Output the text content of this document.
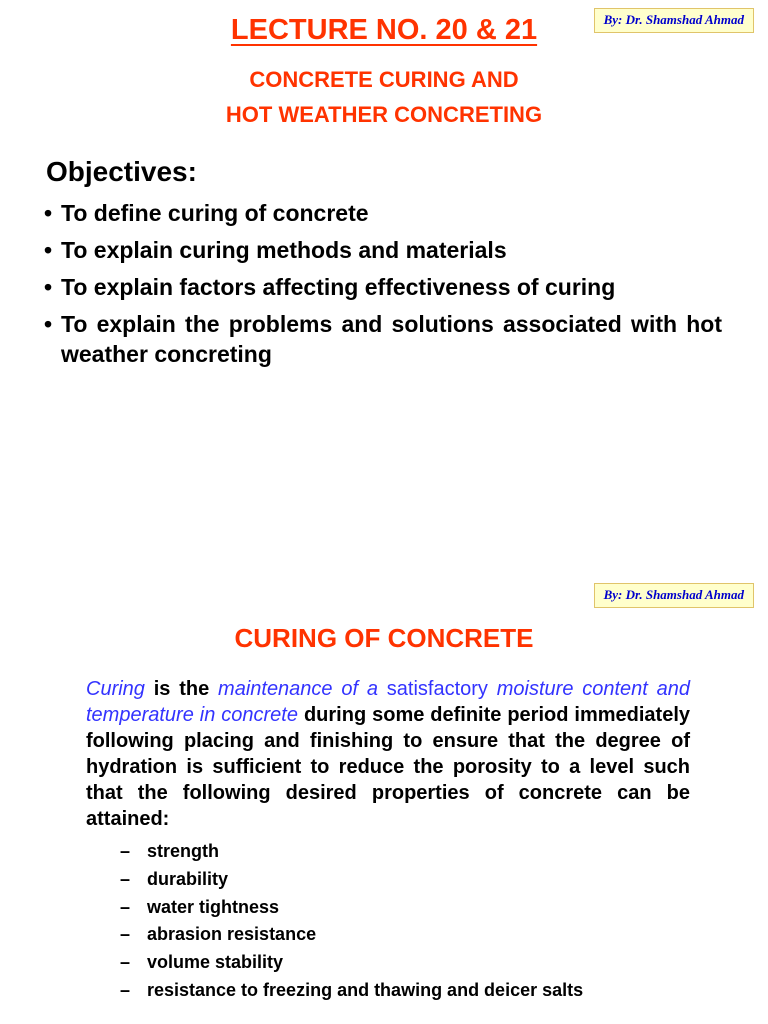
By: Dr. Shamshad Ahmad
LECTURE NO. 20 & 21

CONCRETE CURING AND

HOT WEATHER CONCRETING

Objectives:
• To define curing of concrete
• To explain curing methods and materials
• To explain factors affecting effectiveness of curing
• To explain the problems and solutions associated with hot weather concreting
By: Dr. Shamshad Ahmad
CURING OF CONCRETE

Curing is the maintenance of a satisfactory moisture content and temperature in concrete during some definite period immediately following placing and finishing to ensure that the degree of hydration is sufficient to reduce the porosity to a level such that the following desired properties of concrete can be attained:

– strength
– durability
– water tightness
– abrasion resistance
– volume stability
– resistance to freezing and thawing and deicer salts
